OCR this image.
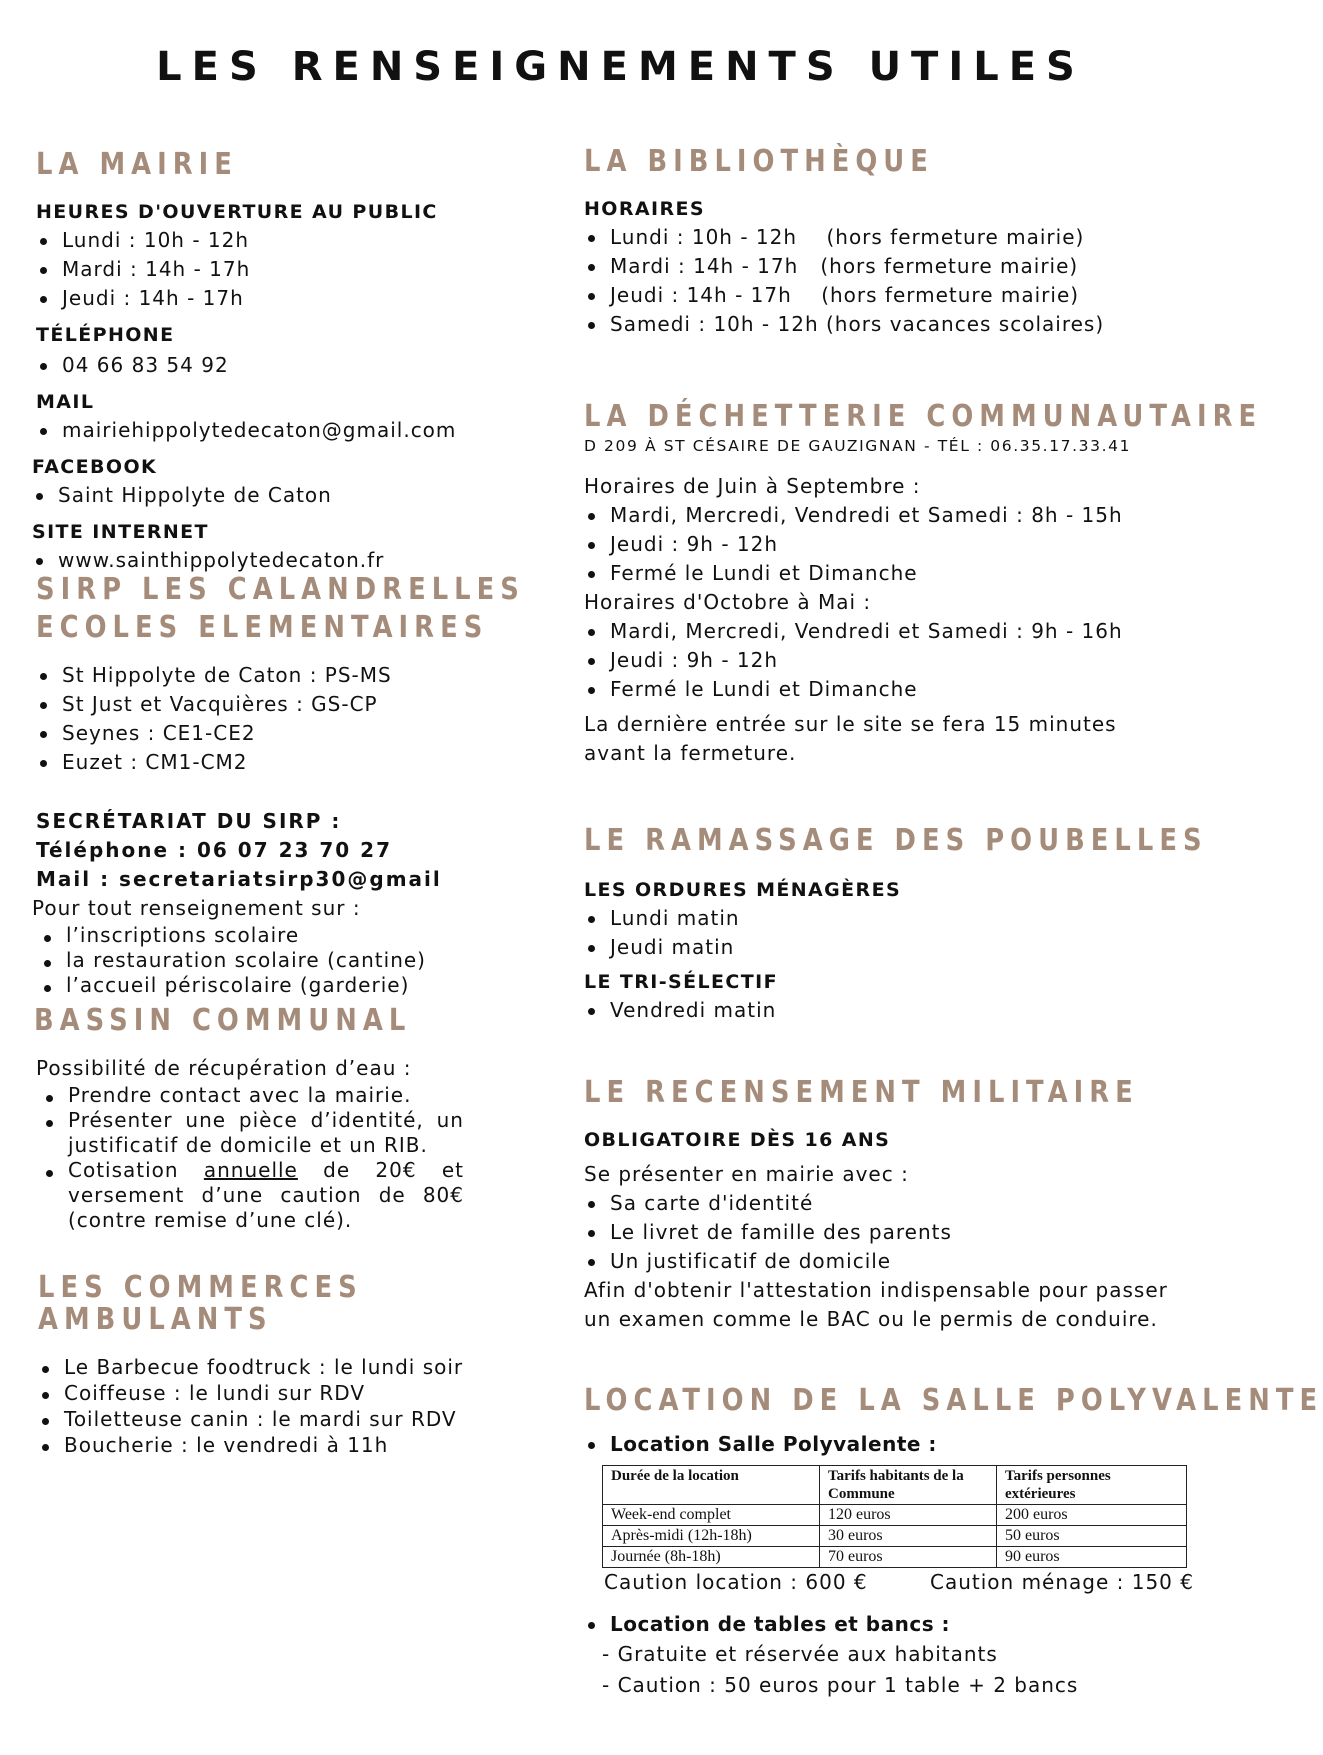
LES RENSEIGNEMENTS UTILES
LA MAIRIE

HEURES D'OUVERTURE AU PUBLIC

Lundi : 10h - 12h
Mardi : 14h - 17h
Jeudi : 14h - 17h

TÉLÉPHONE

04 66 83 54 92

MAIL

mairiehippolytedecaton@gmail.com

FACEBOOK

Saint Hippolyte de Caton

SITE INTERNET

www.sainthippolytedecaton.fr
SIRP LES CALANDRELLES
ECOLES ELEMENTAIRES
St Hippolyte de Caton : PS-MS
St Just et Vacquières : GS-CP
Seynes : CE1-CE2
Euzet : CM1-CM2

SECRÉTARIAT DU SIRP :

Téléphone : 06 07 23 70 27

Mail : secretariatsirp30@gmail

Pour tout renseignement sur :

l’inscriptions scolaire
la restauration scolaire (cantine)
l’accueil périscolaire (garderie)
BASSIN COMMUNAL

Possibilité de récupération d’eau :

Prendre contact avec la mairie.
Présenter une pièce d’identité, un justificatif de domicile et un RIB.
Cotisation annuelle de 20€ et versement d’une caution de 80€ (contre remise d’une clé).
LES COMMERCES
AMBULANTS
Le Barbecue foodtruck : le lundi soir
Coiffeuse : le lundi sur RDV
Toiletteuse canin : le mardi sur RDV
Boucherie : le vendredi à 11h
LA BIBLIOTHÈQUE

HORAIRES

Lundi : 10h - 12h    (hors fermeture mairie)
Mardi : 14h - 17h   (hors fermeture mairie)
Jeudi : 14h - 17h    (hors fermeture mairie)
Samedi : 10h - 12h (hors vacances scolaires)
LA DÉCHETTERIE COMMUNAUTAIRE

D 209 À ST CÉSAIRE DE GAUZIGNAN - TÉL : 06.35.17.33.41

Horaires de Juin à Septembre :

Mardi, Mercredi, Vendredi et Samedi : 8h - 15h
Jeudi : 9h - 12h
Fermé le Lundi et Dimanche

Horaires d'Octobre à Mai :

Mardi, Mercredi, Vendredi et Samedi : 9h - 16h
Jeudi : 9h - 12h
Fermé le Lundi et Dimanche

La dernière entrée sur le site se fera 15 minutes avant la fermeture.

LE RAMASSAGE DES POUBELLES

LES ORDURES MÉNAGÈRES

Lundi matin
Jeudi matin

LE TRI-SÉLECTIF

Vendredi matin
LE RECENSEMENT MILITAIRE

OBLIGATOIRE DÈS 16 ANS

Se présenter en mairie avec :

Sa carte d'identité
Le livret de famille des parents
Un justificatif de domicile

Afin d'obtenir l'attestation indispensable pour passer un examen comme le BAC ou le permis de conduire.

LOCATION DE LA SALLE POLYVALENTE
Location Salle Polyvalente :
Durée de la location	Tarifs habitants de la Commune	Tarifs personnes extérieures
Week-end complet	120 euros	200 euros
Après-midi (12h-18h)	30 euros	50 euros
Journée (8h-18h)	70 euros	90 euros
Caution location : 600 €	Caution ménage : 150 €
Location de tables et bancs :
- Gratuite et réservée aux habitants
- Caution : 50 euros pour 1 table + 2 bancs
